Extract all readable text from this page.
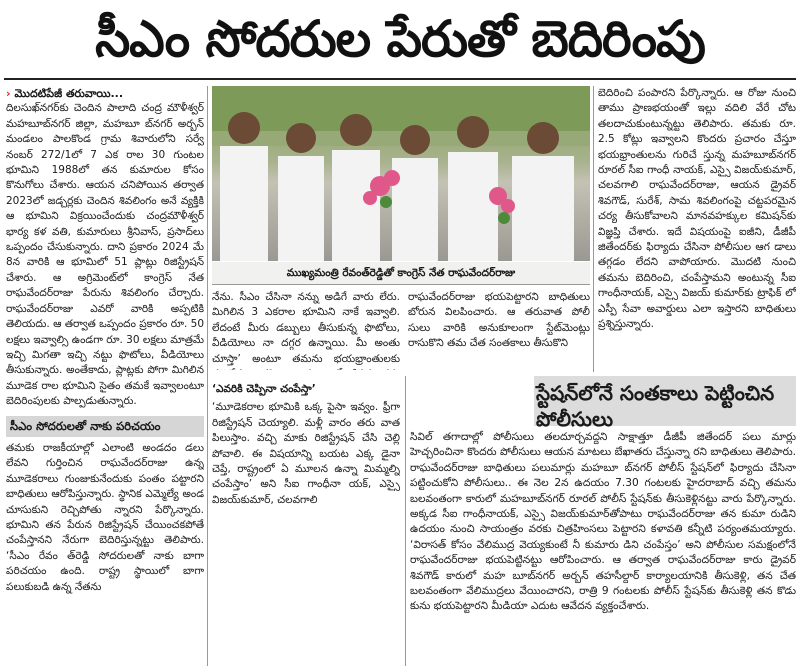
సీఎం సోదరుల పేరుతో బెదిరింపు
› మొదటిపేజీ తరువాయి...

దిలసుఖ్‌నగర్‌కు చెందిన పాలాది చంద్ర మౌళీశ్వర్ మహబూబ్‌నగర్ జిల్లా, మహబూ బ్‌నగర్ అర్బన్ మండలం పాలకొండ గ్రామ శివారులోని సర్వే నంబర్ 272/1లో 7 ఎక రాల 30 గుంటల భూమిని 1988లో తన కుమారుల కోసం కొనుగోలు చేశారు. ఆయన చనిపోయిన తర్వాత 2023లో జడ్చర్లకు చెందిన శివలింగం అనే వ్యక్తికి ఆ భూమిని విక్రయించేందుకు చంద్రమౌళీశ్వర్ భార్య కళ వతి, కుమారులు శ్రీనివాస్, ప్రసాద్‌లు ఒప్పందం చేసుకున్నారు. దాని ప్రకారం 2024 మే 8న వారికి ఆ భూమిలో 51 ప్లాట్లు రిజిస్ట్రేషన్ చేశారు. ఆ అగ్రిమెంట్‌లో కాంగ్రెస్ నేత రాఘవేందర్‌రాజు పేరును శివలింగం చేర్చారు. రాఘవేందర్‌రాజు ఎవరో వారికి అప్పటికి తెలియదు. ఆ తర్వాత ఒప్పందం ప్రకారం రూ. 50 లక్షలు ఇవ్వాల్సి ఉండగా రూ. 30 లక్షలు మాత్రమే ఇచ్చి మిగతా ఇచ్చి నట్టు ఫొటోలు, వీడియోలు తీసుకున్నారు. అంతేకాదు, ప్లాట్లకు పోగా మిగిలిన మూడెక రాల భూమిని సైతం తమకే ఇవ్వాలంటూ బెదిరింపులకు పాల్పడుతున్నారు.

సీఎం సోదరులతో నాకు పరిచయం

తమకు రాజకీయాల్లో ఎలాంటి అండదం డలు లేవని గుర్తించిన రాఘవేందర్‌రాజు ఉన్న మూడెకరాలు గుంజుకునేందుకు పంతం పట్టారని బాధితులు ఆరోపిస్తున్నారు. స్థానిక ఎమ్మెల్యే అండ చూసుకుని రెచ్చిపోతు న్నారని పేర్కొన్నారు. భూమిని తన పేరున రిజిస్ట్రేషన్ చేయించకపోతే చంపేస్తానని నేరుగా బెదిరిస్తున్నట్టు తెలిపారు. ‘సీఎం రేవం త్‌రెడ్డి సోదరులతో నాకు బాగా పరిచయం ఉంది. రాష్ట్ర స్థాయిలో బాగా పలుకుబడి ఉన్న నేతను

ముఖ్యమంత్రి రేవంత్‌రెడ్డితో కాంగ్రెస్ నేత రాఘవేందర్‌రాజు

నేను. సీఎం చేసినా నన్ను అడిగే వారు లేరు. మిగిలిన 3 ఎకరాల భూమిని నాకే ఇవ్వాలి. లేదంటే మీరు డబ్బులు తీసుకున్న ఫొటోలు, వీడియోలు నా దగ్గర ఉన్నాయి. మీ అంతు చూస్తా’ అంటూ తమను భయభ్రాంతులకు

రాఘవేందర్‌రాజు భయపెట్టారని బాధితులు బోరున విలపించారు. ఆ తరువాత పోలీ సులు వారికి అనుకూలంగా స్టేట్‌మెంట్లు రాసుకొని తమ చేత సంతకాలు తీసుకొని

బెదిరించి పంపారని పేర్కొన్నారు. ఆ రోజు నుంచి తాము ప్రాణభయంతో ఇల్లు వదిలి వేరే చోట తలదాచుకుంటున్నట్టు తెలిపారు. తమకు రూ. 2.5 కోట్లు ఇవ్వాలని కొందరు ప్రచారం చేస్తూ భయభ్రాంతులను గురిచే స్తున్న మహబూబ్‌నగర్ రూరల్ సీఐ గాంధీ నాయక్, ఎస్సై విజయ్‌కుమార్, చలవగాలి రాఘవేందర్‌రాజు, ఆయన డ్రైవర్ శివగౌడ్, సురేశ్, సామ శివలింగంపై చట్టపరమైన చర్య తీసుకోవాలని మానవహక్కుల కమిషన్‌కు విజ్ఞప్తి చేశారు. ఇదే విషయంపై ఐజీని, డీజీపీ జితేందర్‌కు ఫిర్యాదు చేసినా పోలీసుల ఆగ డాలు తగ్గడం లేదని వాపోయారు. మొదటి నుంచి తమను బెదిరించి, చంపేస్తామని అంటున్న సీఐ గాంధీనాయక్, ఎస్సై విజయ్ కుమార్‌కు ట్రాఫిక్ లో ఎస్పీ సేవా అవార్డులు ఎలా ఇస్తారని బాధితులు ప్రశ్నిస్తున్నారు.

స్టేషన్‌లోనే సంతకాలు పెట్టించిన పోలీసులు
‘ఎవరికి చెప్పినా చంపేస్తా’

‘మూడెకరాల భూమికి ఒక్క పైసా ఇవ్వం. ఫ్రీగా రిజిస్ట్రేషన్ చెయ్యాలి. మళ్లీ వారం తరు వాత పిలుస్తాం. వచ్చి మాకు రిజిస్ట్రేషన్ చేసి చెల్లి పోవాలి. ఈ విషయాన్ని బయట ఎక్క డైనా చెప్తే, రాష్ట్రంలో ఏ మూలన ఉన్నా మిమ్మల్ని చంపేస్తాం’ అని సీఐ గాంధీనా యక్, ఎస్సై విజయ్‌కుమార్, చలవగాలి

సివిల్ తగాదాల్లో పోలీసులు తలదూర్చవద్దని సాక్షాత్తూ డీజీపీ జితేందర్ పలు మార్లు హెచ్చరించినా కొందరు పోలీసులు ఆయన మాటలు బేఖాతరు చేస్తున్నా రని బాధితులు తెలిపారు. రాఘవేందర్‌రాజు బాధితులు పలుమార్లు మహబూ బ్‌నగర్ పోలీస్ స్టేషన్‌లో ఫిర్యాదు చేసినా పట్టించుకోని పోలీసులు.. ఈ నెల 2న ఉదయం 7.30 గంటలకు హైదరాబాద్ వచ్చి తమను బలవంతంగా కారులో మహబూబ్‌నగర్ రూరల్ పోలీస్ స్టేషన్‌కు తీసుకెళ్లినట్టు వారు పేర్కొన్నారు. అక్కడ సీఐ గాంధీనాయక్, ఎస్సై విజయ్‌కుమార్‌తోపాటు రాఘవేందర్‌రాజు తన కుమా రుడిని ఉదయం నుంచి సాయంత్రం వరకు చిత్రహింసలు పెట్టారని కళావతి కన్నీటి పర్యంతమయ్యారు. ‘విరాసత్ కోసం వేలిముద్ర వెయ్యకుంటే నీ కుమారు డిని చంపేస్తం’ అని పోలీసుల సమక్షంలోనే రాఘవేందర్‌రాజు భయపెట్టినట్టు ఆరోపించారు. ఆ తర్వాత రాఘవేందర్‌రాజు కారు డ్రైవర్ శివగౌడ్ కారులో మహ బూబ్‌నగర్ అర్బన్ తహసీల్దార్ కార్యాలయానికి తీసుకెళ్లి, తన చేత బలవంతంగా వేలిముద్రలు వేయించారని, రాత్రి 9 గంటలకు పోలీస్ స్టేషన్‌కు తీసుకెళ్లి తన కొడు కును భయపెట్టారని మీడియా ఎదుట ఆవేదన వ్యక్తంచేశారు.
